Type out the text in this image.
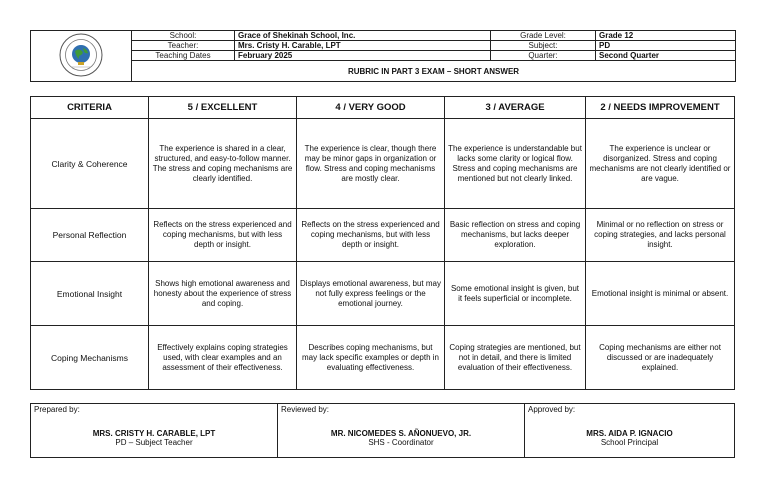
	School:	Grace of Shekinah School, Inc.	Grade Level:	Grade 12
	Teacher:	Mrs. Cristy H. Carable, LPT	Subject:	PD
	Teaching Dates	February 2025	Quarter:	Second Quarter
	RUBRIC IN PART 3 EXAM – SHORT ANSWER			
CRITERIA	5 / EXCELLENT	4 / VERY GOOD	3 / AVERAGE	2 / NEEDS IMPROVEMENT
Clarity & Coherence	The experience is shared in a clear, structured, and easy-to-follow manner. The stress and coping mechanisms are clearly identified.	The experience is clear, though there may be minor gaps in organization or flow. Stress and coping mechanisms are mostly clear.	The experience is understandable but lacks some clarity or logical flow. Stress and coping mechanisms are mentioned but not clearly linked.	The experience is unclear or disorganized. Stress and coping mechanisms are not clearly identified or are vague.
Personal Reflection	Reflects on the stress experienced and coping mechanisms, but with less depth or insight.	Reflects on the stress experienced and coping mechanisms, but with less depth or insight.	Basic reflection on stress and coping mechanisms, but lacks deeper exploration.	Minimal or no reflection on stress or coping strategies, and lacks personal insight.
Emotional Insight	Shows high emotional awareness and honesty about the experience of stress and coping.	Displays emotional awareness, but may not fully express feelings or the emotional journey.	Some emotional insight is given, but it feels superficial or incomplete.	Emotional insight is minimal or absent.
Coping Mechanisms	Effectively explains coping strategies used, with clear examples and an assessment of their effectiveness.	Describes coping mechanisms, but may lack specific examples or depth in evaluating effectiveness.	Coping strategies are mentioned, but not in detail, and there is limited evaluation of their effectiveness.	Coping mechanisms are either not discussed or are inadequately explained.
Prepared by:
MRS. CRISTY H. CARABLE, LPT
PD – Subject Teacher

Reviewed by:
MR. NICOMEDES S. AÑONUEVO, JR.
SHS - Coordinator

Approved by:
MRS. AIDA P. IGNACIO
School Principal
